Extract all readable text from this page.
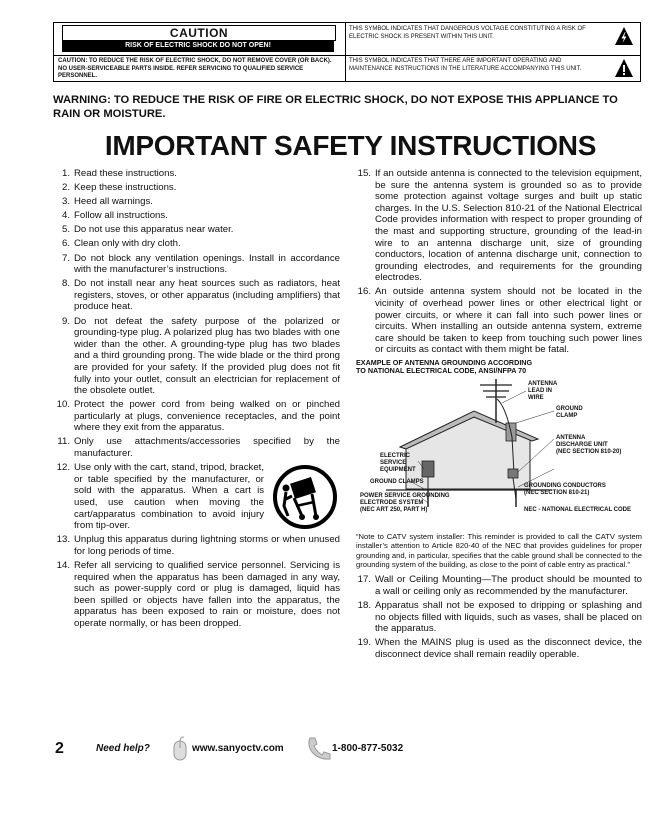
CAUTION
RISK OF ELECTRIC SHOCK DO NOT OPEN!
CAUTION: TO REDUCE THE RISK OF ELECTRIC SHOCK, DO NOT REMOVE COVER (OR BACK). NO USER-SERVICEABLE PARTS INSIDE. REFER SERVICING TO QUALIFIED SERVICE PERSONNEL.
THIS SYMBOL INDICATES THAT DANGEROUS VOLTAGE CONSTITUTING A RISK OF ELECTRIC SHOCK IS PRESENT WITHIN THIS UNIT.
THIS SYMBOL INDICATES THAT THERE ARE IMPORTANT OPERATING AND MAINTENANCE INSTRUCTIONS IN THE LITERATURE ACCOMPANYING THIS UNIT.
WARNING: TO REDUCE THE RISK OF FIRE OR ELECTRIC SHOCK, DO NOT EXPOSE THIS APPLIANCE TO RAIN OR MOISTURE.
IMPORTANT SAFETY INSTRUCTIONS
1. Read these instructions.
2. Keep these instructions.
3. Heed all warnings.
4. Follow all instructions.
5. Do not use this apparatus near water.
6. Clean only with dry cloth.
7. Do not block any ventilation openings. Install in accordance with the manufacturer’s instructions.
8. Do not install near any heat sources such as radiators, heat registers, stoves, or other apparatus (including amplifiers) that produce heat.
9. Do not defeat the safety purpose of the polarized or grounding-type plug. A polarized plug has two blades with one wider than the other. A grounding-type plug has two blades and a third grounding prong. The wide blade or the third prong are provided for your safety. If the provided plug does not fit fully into your outlet, consult an electrician for replacement of the obsolete outlet.
10. Protect the power cord from being walked on or pinched particularly at plugs, convenience receptacles, and the point where they exit from the apparatus.
11. Only use attachments/accessories specified by the manufacturer.
12. Use only with the cart, stand, tripod, bracket, or table specified by the manufacturer, or sold with the apparatus. When a cart is used, use caution when moving the cart/apparatus combination to avoid injury from tip-over.
13. Unplug this apparatus during lightning storms or when unused for long periods of time.
14. Refer all servicing to qualified service personnel. Servicing is required when the apparatus has been damaged in any way, such as power-supply cord or plug is damaged, liquid has been spilled or objects have fallen into the apparatus, the apparatus has been exposed to rain or moisture, does not operate normally, or has been dropped.
15. If an outside antenna is connected to the television equipment, be sure the antenna system is grounded so as to provide some protection against voltage surges and built up static charges. In the U.S. Selection 810-21 of the National Electrical Code provides information with respect to proper grounding of the mast and supporting structure, grounding of the lead-in wire to an antenna discharge unit, size of grounding conductors, location of antenna discharge unit, connection to grounding electrodes, and requirements for the grounding electrodes.
16. An outside antenna system should not be located in the vicinity of overhead power lines or other electrical light or power circuits, or where it can fall into such power lines or circuits. When installing an outside antenna system, extreme care should be taken to keep from touching such power lines or circuits as contact with them might be fatal.
EXAMPLE OF ANTENNA GROUNDING ACCORDING
TO NATIONAL ELECTRICAL CODE, ANSI/NFPA 70
ANTENNA
LEAD IN
WIRE
GROUND
CLAMP
ELECTRIC
SERVICE
EQUIPMENT
ANTENNA
DISCHARGE UNIT
(NEC SECTION 810-20)
GROUND CLAMPS
GROUNDING CONDUCTORS
(NEC SECTION 810-21)
POWER SERVICE GROUNDING
ELECTRODE SYSTEM
(NEC ART 250, PART H)	NEC - NATIONAL ELECTRICAL CODE
“Note to CATV system installer: This reminder is provided to call the CATV system installer’s attention to Article 820-40 of the NEC that provides guidelines for proper grounding and, in particular, specifies that the cable ground shall be connected to the grounding system of the building, as close to the point of cable entry as practical.”
17. Wall or Ceiling Mounting—The product should be mounted to a wall or ceiling only as recommended by the manufacturer.
18. Apparatus shall not be exposed to dripping or splashing and no objects filled with liquids, such as vases, shall be placed on the apparatus.
19. When the MAINS plug is used as the disconnect device, the disconnect device shall remain readily operable.
2	Need help?	www.sanyoctv.com	1-800-877-5032
